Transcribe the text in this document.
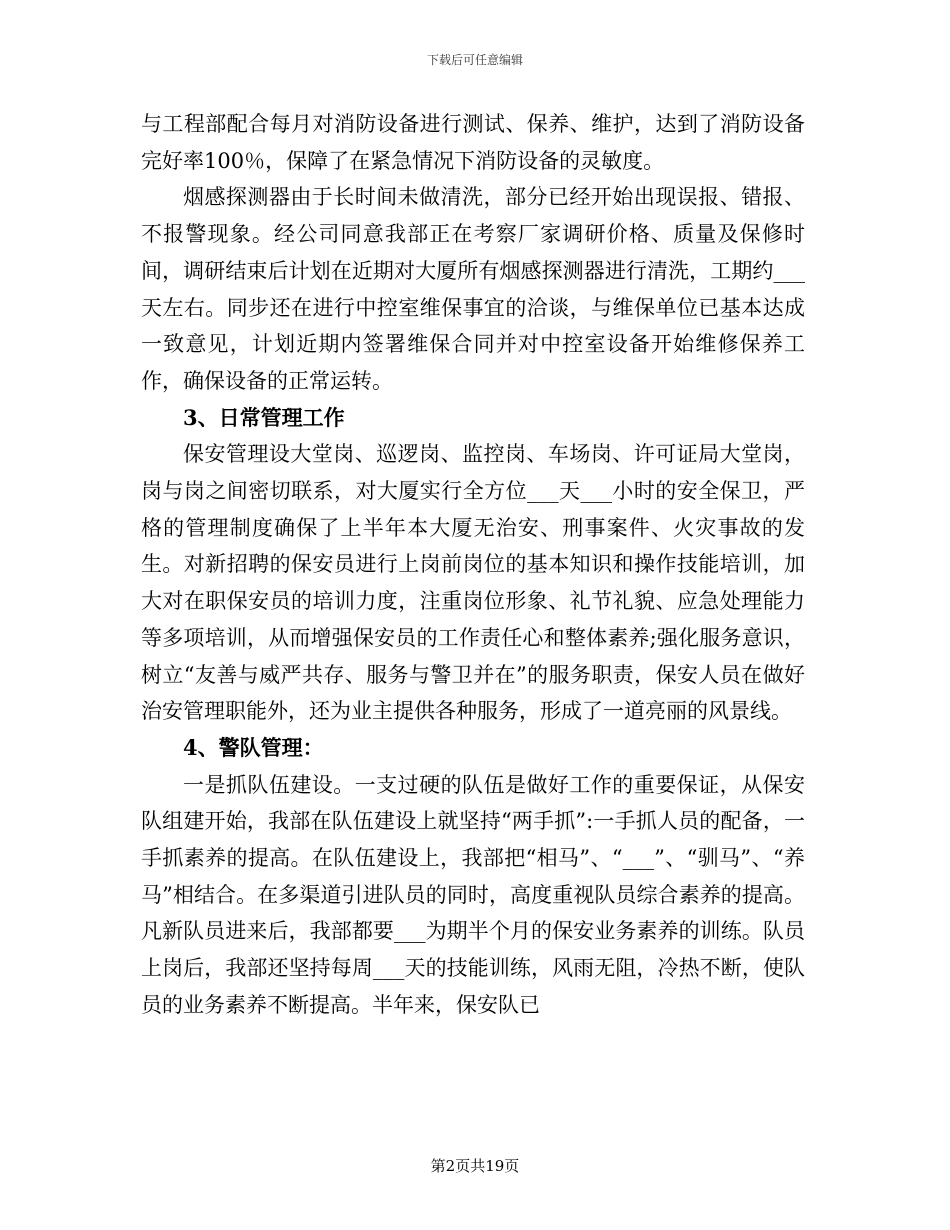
下载后可任意编辑

与工程部配合每月对消防设备进行测试、保养、维护，达到了消防设备完好率100％，保障了在紧急情况下消防设备的灵敏度。

烟感探测器由于长时间未做清洗，部分已经开始出现误报、错报、不报警现象。经公司同意我部正在考察厂家调研价格、质量及保修时间，调研结束后计划在近期对大厦所有烟感探测器进行清洗，工期约___天左右。同步还在进行中控室维保事宜的洽谈，与维保单位已基本达成一致意见，计划近期内签署维保合同并对中控室设备开始维修保养工作，确保设备的正常运转。

3、日常管理工作

保安管理设大堂岗、巡逻岗、监控岗、车场岗、许可证局大堂岗，岗与岗之间密切联系，对大厦实行全方位___天___小时的安全保卫，严格的管理制度确保了上半年本大厦无治安、刑事案件、火灾事故的发生。对新招聘的保安员进行上岗前岗位的基本知识和操作技能培训，加大对在职保安员的培训力度，注重岗位形象、礼节礼貌、应急处理能力等多项培训，从而增强保安员的工作责任心和整体素养;强化服务意识，树立“友善与威严共存、服务与警卫并在”的服务职责，保安人员在做好治安管理职能外，还为业主提供各种服务，形成了一道亮丽的风景线。

4、警队管理：

一是抓队伍建设。一支过硬的队伍是做好工作的重要保证，从保安队组建开始，我部在队伍建设上就坚持“两手抓”:一手抓人员的配备，一手抓素养的提高。在队伍建设上，我部把“相马”、“___”、“驯马”、“养马”相结合。在多渠道引进队员的同时，高度重视队员综合素养的提高。凡新队员进来后，我部都要___为期半个月的保安业务素养的训练。队员上岗后，我部还坚持每周___天的技能训练，风雨无阻，冷热不断，使队员的业务素养不断提高。半年来，保安队已

第2页共19页
